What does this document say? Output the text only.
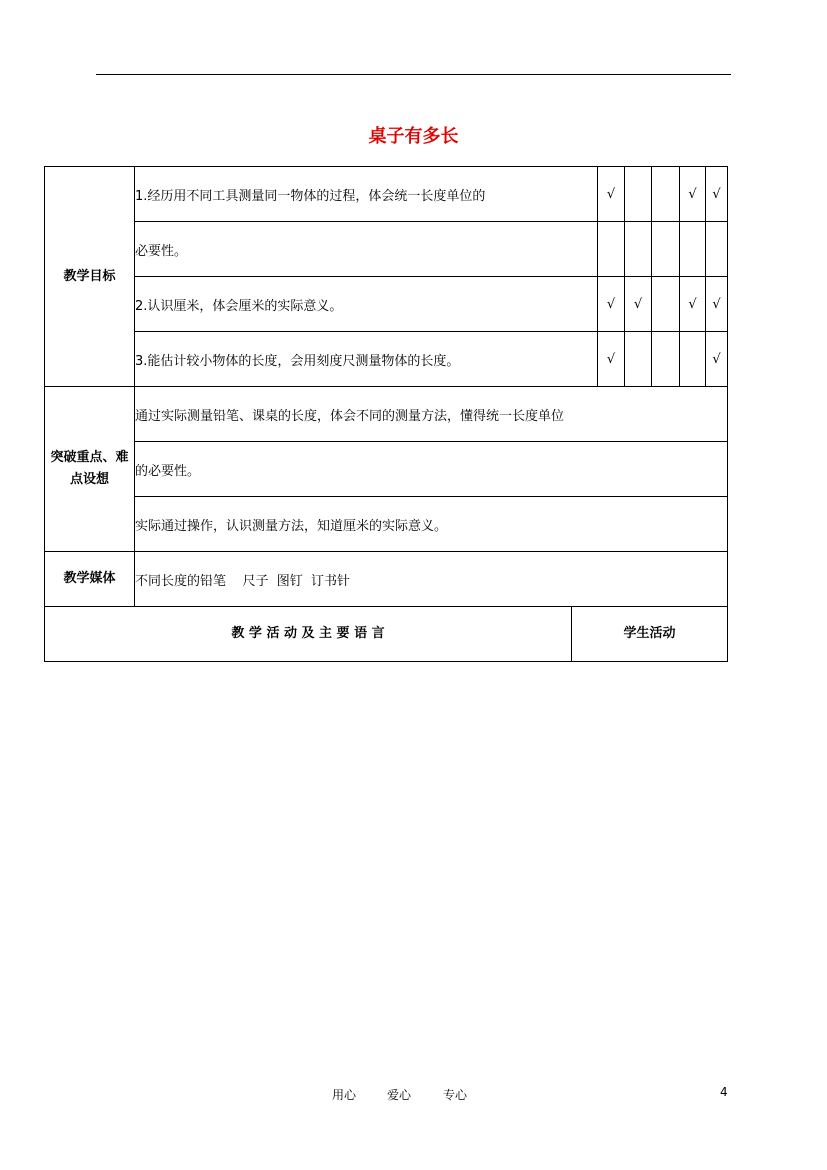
桌子有多长
教学目标	1.经历用不同工具测量同一物体的过程，体会统一长度单位的		√			√	√
	必要性。						
	2.认识厘米，体会厘米的实际意义。		√	√		√	√
	3.能估计较小物体的长度，会用刻度尺测量物体的长度。		√				√

突破重点、难
点设想	通过实际测量铅笔、课桌的长度，体会不同的测量方法，懂得统一长度单位						
	的必要性。						
	实际通过操作，认识测量方法，知道厘米的实际意义。						
教学媒体	不同长度的铅笔    尺子  图钉  订书针						
教 学 活 动 及 主 要 语 言		学生活动					
用心	爱心	专心	4
